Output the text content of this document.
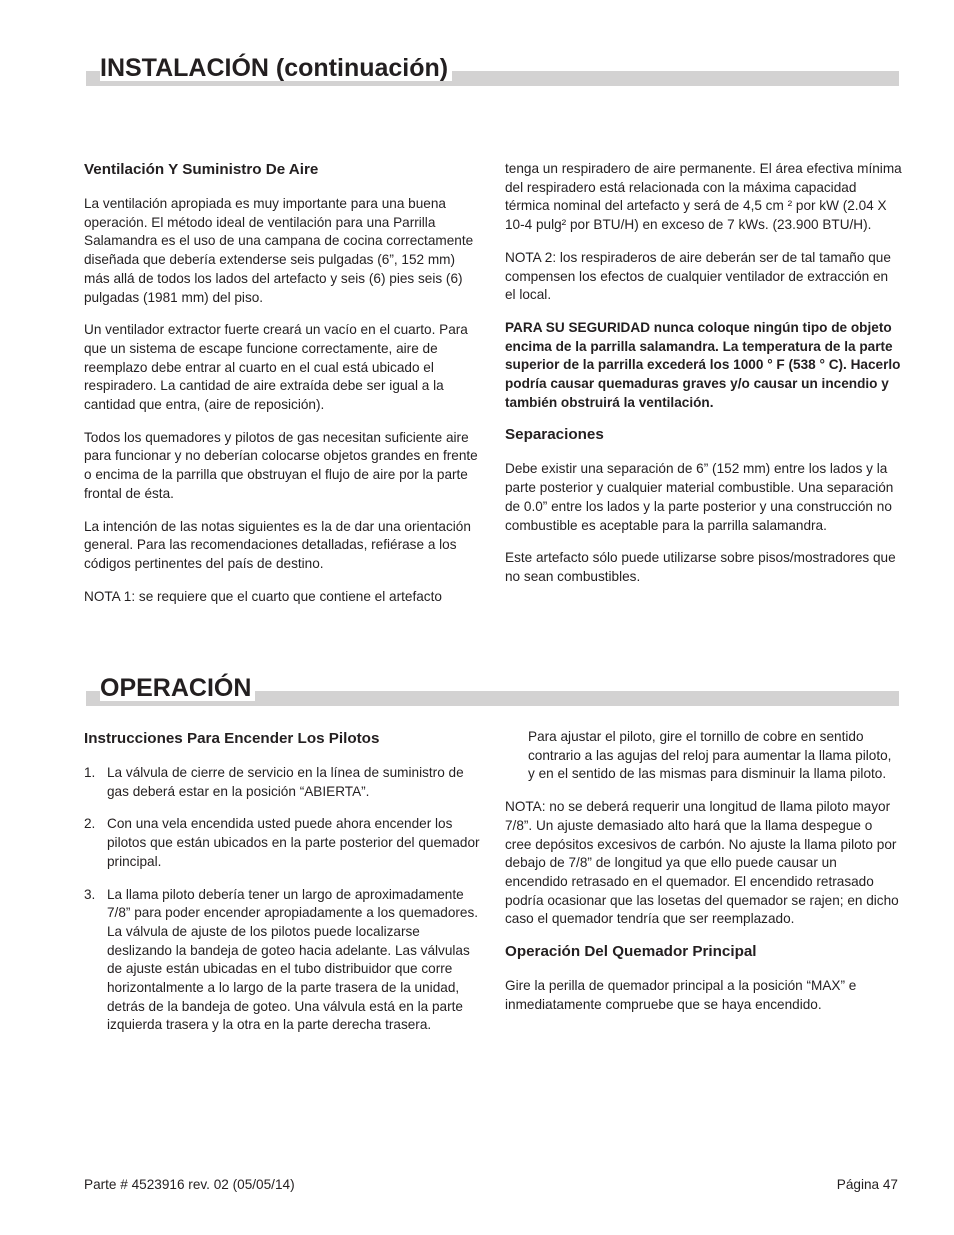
INSTALACIÓN (continuación)
Ventilación Y Suministro De Aire

La ventilación apropiada es muy importante para una buena operación. El método ideal de ventilación para una Parrilla Salamandra es el uso de una campana de cocina correctamente diseñada que debería extenderse seis pulgadas (6”, 152 mm) más allá de todos los lados del artefacto y seis (6) pies seis (6) pulgadas (1981 mm) del piso.

Un ventilador extractor fuerte creará un vacío en el cuarto. Para que un sistema de escape funcione correctamente, aire de reemplazo debe entrar al cuarto en el cual está ubicado el respiradero. La cantidad de aire extraída debe ser igual a la cantidad que entra, (aire de reposición).

Todos los quemadores y pilotos de gas necesitan suficiente aire para funcionar y no deberían colocarse objetos grandes en frente o encima de la parrilla que obstruyan el flujo de aire por la parte frontal de ésta.

La intención de las notas siguientes es la de dar una orientación general. Para las recomendaciones detalladas, refiérase a los códigos pertinentes del país de destino.

NOTA 1: se requiere que el cuarto que contiene el artefacto

tenga un respiradero de aire permanente. El área efectiva mínima del respiradero está relacionada con la máxima capacidad térmica nominal del artefacto y será de 4,5 cm ² por kW (2.04 X 10-4 pulg² por BTU/H) en exceso de 7 kWs. (23.900 BTU/H).

NOTA 2: los respiraderos de aire deberán ser de tal tamaño que compensen los efectos de cualquier ventilador de extracción en el local.

PARA SU SEGURIDAD nunca coloque ningún tipo de objeto encima de la parrilla salamandra. La temperatura de la parte superior de la parrilla excederá los 1000 ° F (538 ° C). Hacerlo podría causar quemaduras graves y/o causar un incendio y también obstruirá la ventilación.

Separaciones

Debe existir una separación de 6” (152 mm) entre los lados y la parte posterior y cualquier material combustible. Una separación de 0.0” entre los lados y la parte posterior y una construcción no combustible es aceptable para la parrilla salamandra.

Este artefacto sólo puede utilizarse sobre pisos/mostradores que no sean combustibles.

OPERACIÓN
Instrucciones Para Encender Los Pilotos
1. La válvula de cierre de servicio en la línea de suministro de gas deberá estar en la posición “ABIERTA”.
2. Con una vela encendida usted puede ahora encender los pilotos que están ubicados en la parte posterior del quemador principal.
3. La llama piloto debería tener un largo de aproximadamente 7/8” para poder encender apropiadamente a los quemadores. La válvula de ajuste de los pilotos puede localizarse deslizando la bandeja de goteo hacia adelante. Las válvulas de ajuste están ubicadas en el tubo distribuidor que corre horizontalmente a lo largo de la parte trasera de la unidad, detrás de la bandeja de goteo. Una válvula está en la parte izquierda trasera y la otra en la parte derecha trasera.

Para ajustar el piloto, gire el tornillo de cobre en sentido contrario a las agujas del reloj para aumentar la llama piloto, y en el sentido de las mismas para disminuir la llama piloto.

NOTA: no se deberá requerir una longitud de llama piloto mayor 7/8”. Un ajuste demasiado alto hará que la llama despegue o cree depósitos excesivos de carbón. No ajuste la llama piloto por debajo de 7/8” de longitud ya que ello puede causar un encendido retrasado en el quemador. El encendido retrasado podría ocasionar que las losetas del quemador se rajen; en dicho caso el quemador tendría que ser reemplazado.

Operación Del Quemador Principal

Gire la perilla de quemador principal a la posición “MAX” e inmediatamente compruebe que se haya encendido.

Parte # 4523916 rev. 02 (05/05/14)	Página 47
